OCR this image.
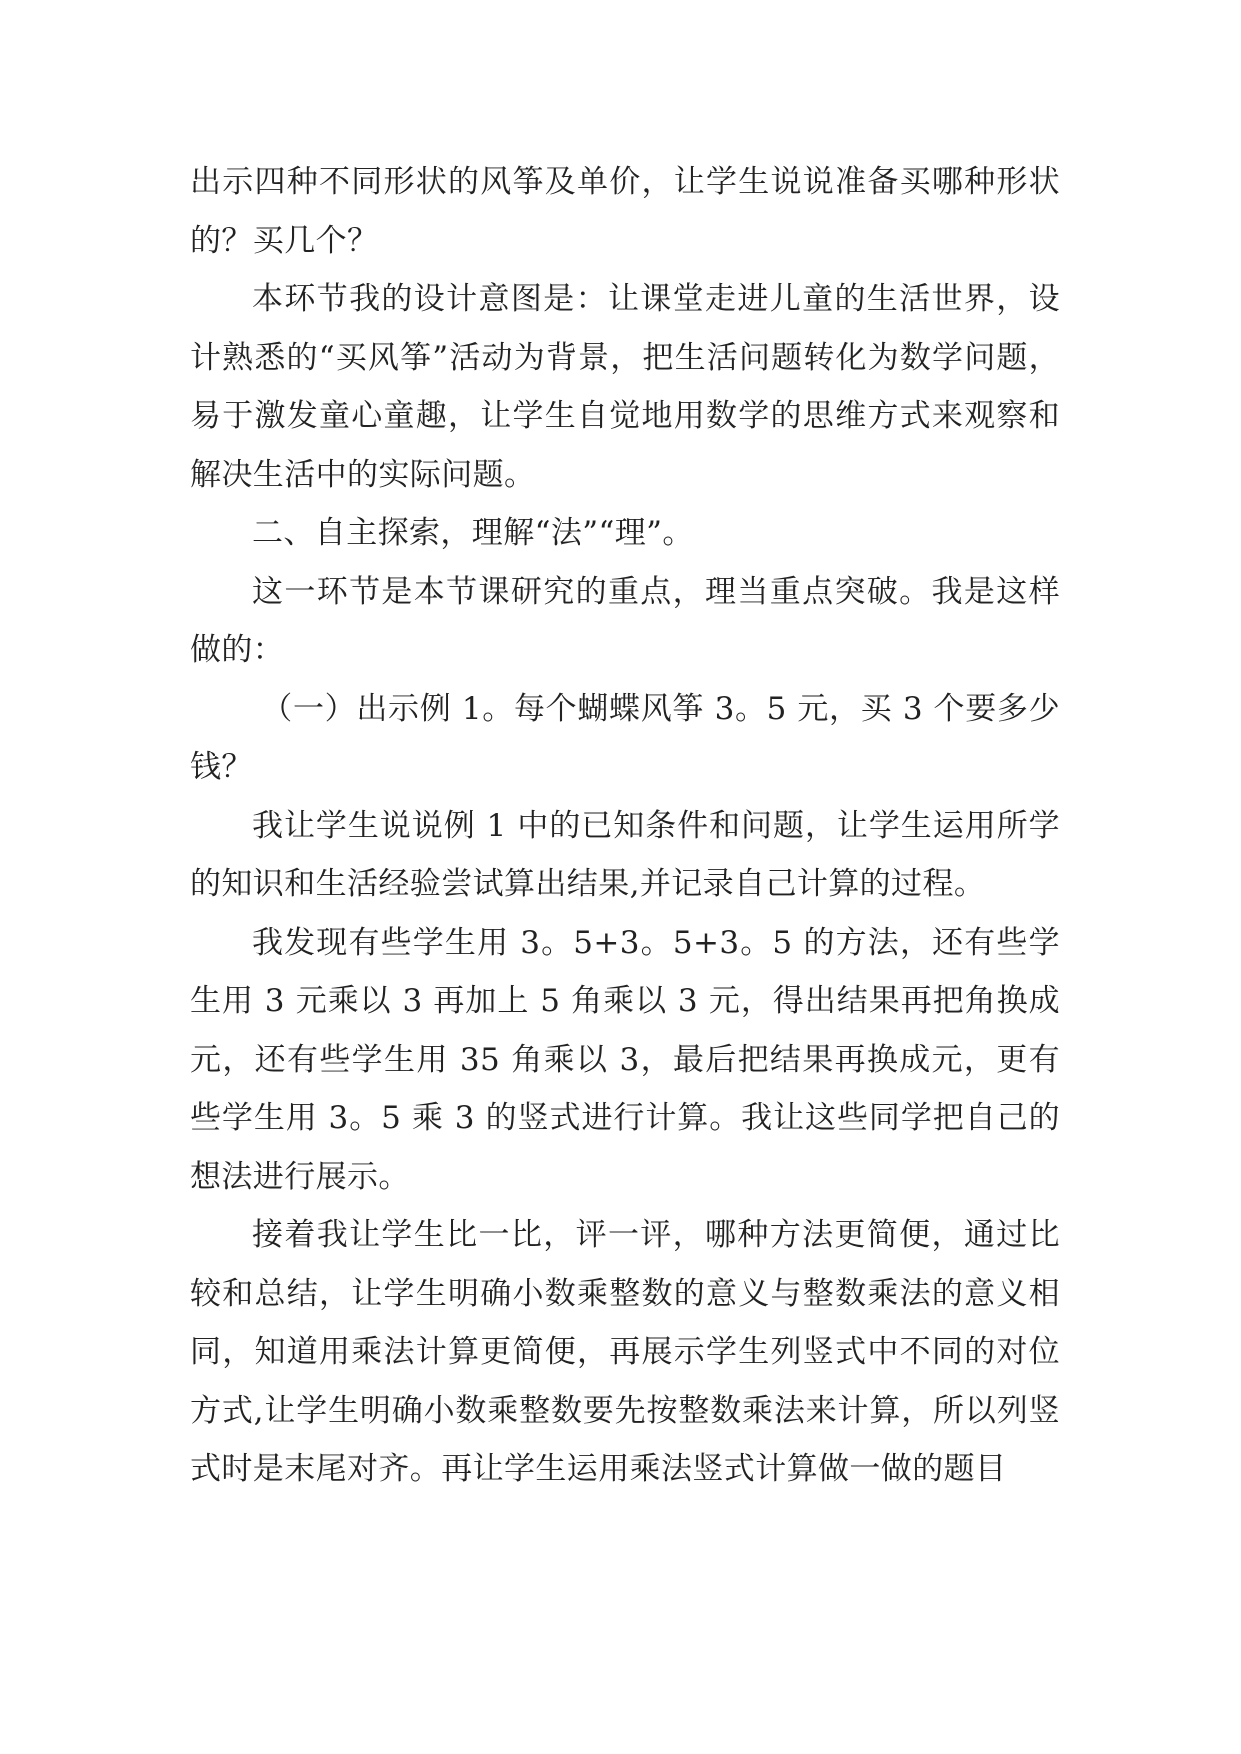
出示四种不同形状的风筝及单价，让学生说说准备买哪种形状的？买几个？

本环节我的设计意图是：让课堂走进儿童的生活世界，设计熟悉的“买风筝”活动为背景，把生活问题转化为数学问题，易于激发童心童趣，让学生自觉地用数学的思维方式来观察和解决生活中的实际问题。

二、自主探索，理解“法”“理”。

这一环节是本节课研究的重点，理当重点突破。我是这样做的：

（一）出示例 1。每个蝴蝶风筝 3。5 元，买 3 个要多少钱？

我让学生说说例 1 中的已知条件和问题，让学生运用所学的知识和生活经验尝试算出结果,并记录自己计算的过程。

我发现有些学生用 3。5+3。5+3。5 的方法，还有些学生用 3 元乘以 3 再加上 5 角乘以 3 元，得出结果再把角换成元，还有些学生用 35 角乘以 3，最后把结果再换成元，更有些学生用 3。5 乘 3 的竖式进行计算。我让这些同学把自己的想法进行展示。

接着我让学生比一比，评一评，哪种方法更简便，通过比较和总结，让学生明确小数乘整数的意义与整数乘法的意义相同，知道用乘法计算更简便，再展示学生列竖式中不同的对位方式,让学生明确小数乘整数要先按整数乘法来计算，所以列竖式时是末尾对齐。再让学生运用乘法竖式计算做一做的题目
